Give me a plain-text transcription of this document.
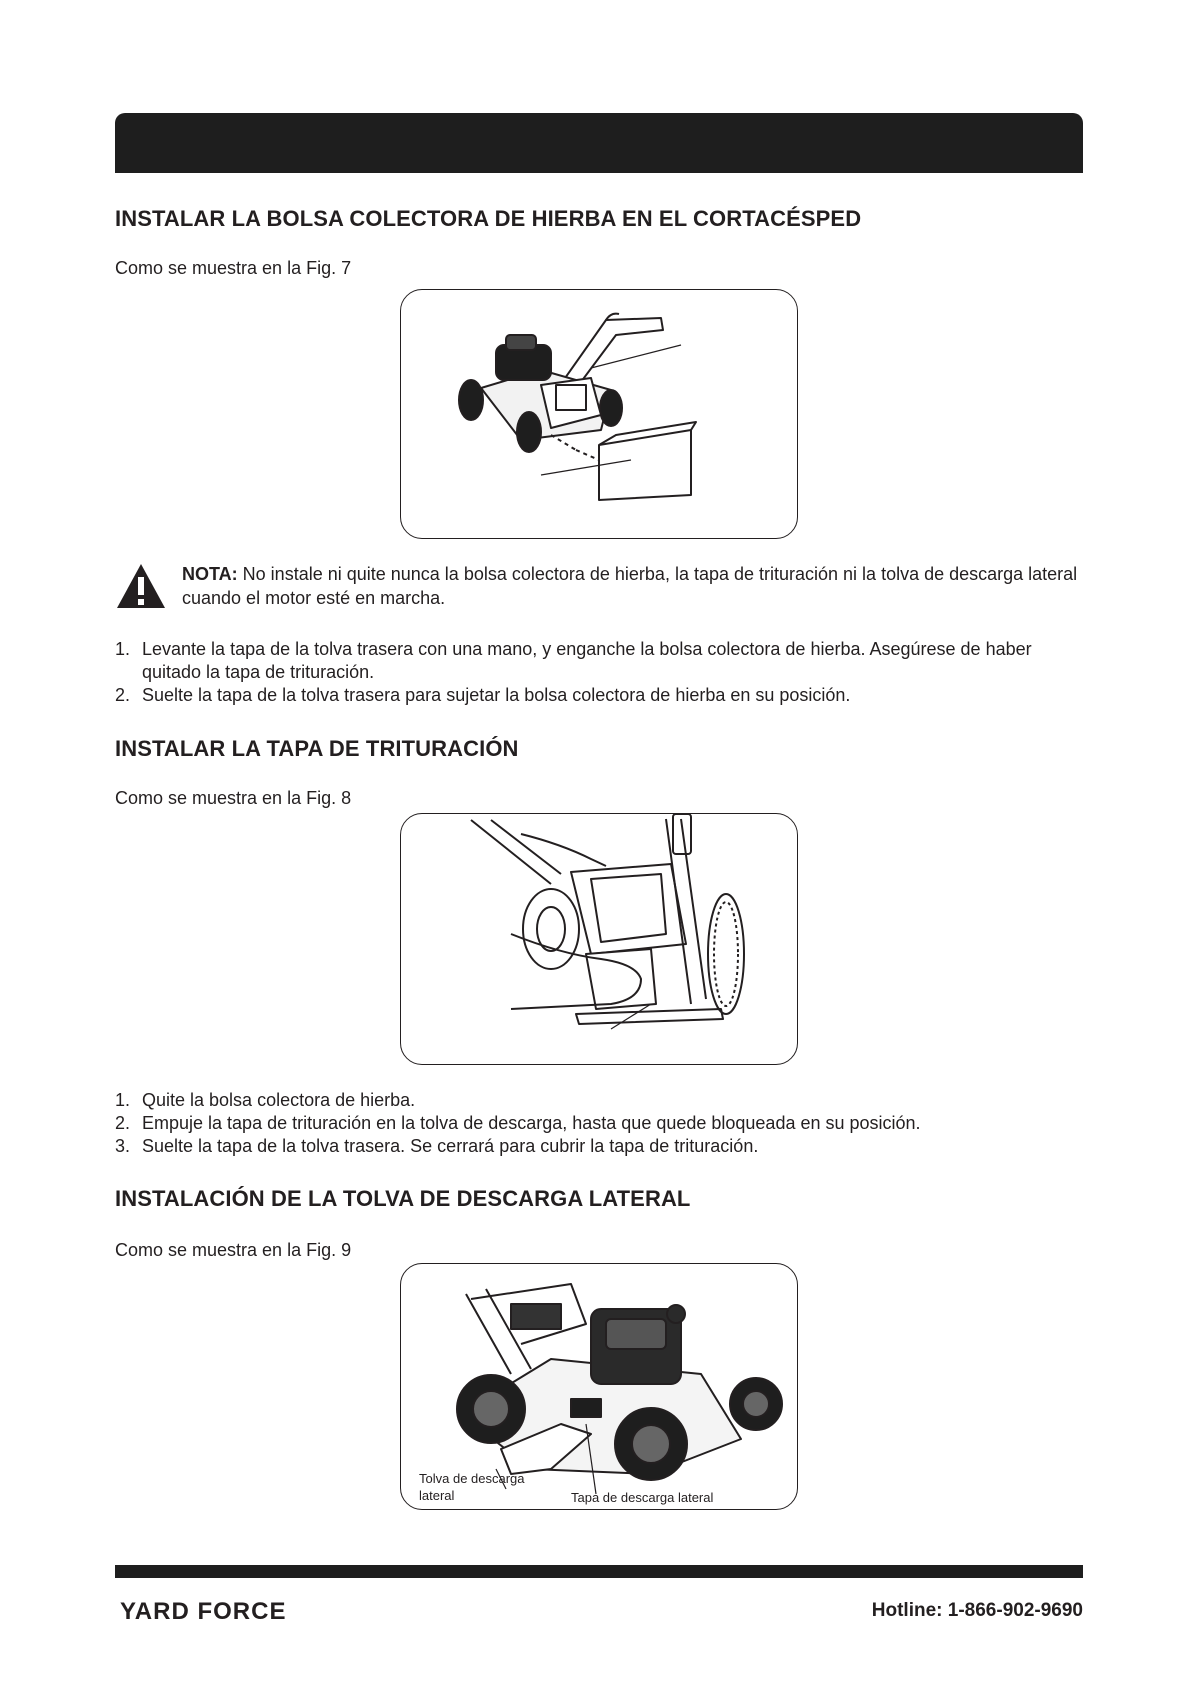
INSTALAR LA BOLSA COLECTORA DE HIERBA EN EL CORTACÉSPED

Como se muestra en la Fig. 7

NOTA: No instale ni quite nunca la bolsa colectora de hierba, la tapa de trituración ni la tolva de descarga lateral cuando el motor esté en marcha.

1. Levante la tapa de la tolva trasera con una mano, y enganche la bolsa colectora de hierba. Asegúrese de haber quitado la tapa de trituración.
2. Suelte la tapa de la tolva trasera para sujetar la bolsa colectora de hierba en su posición.
INSTALAR LA TAPA DE TRITURACIÓN

Como se muestra en la Fig. 8

1. Quite la bolsa colectora de hierba.
2. Empuje la tapa de trituración en la tolva de descarga, hasta que quede bloqueada en su posición.
3. Suelte la tapa de la tolva trasera. Se cerrará para cubrir la tapa de trituración.
INSTALACIÓN DE LA TOLVA DE DESCARGA LATERAL

Como se muestra en la Fig. 9

Tolva de descarga
lateral	Tapa de descarga lateral

YARD FORCE	Hotline: 1-866-902-9690
